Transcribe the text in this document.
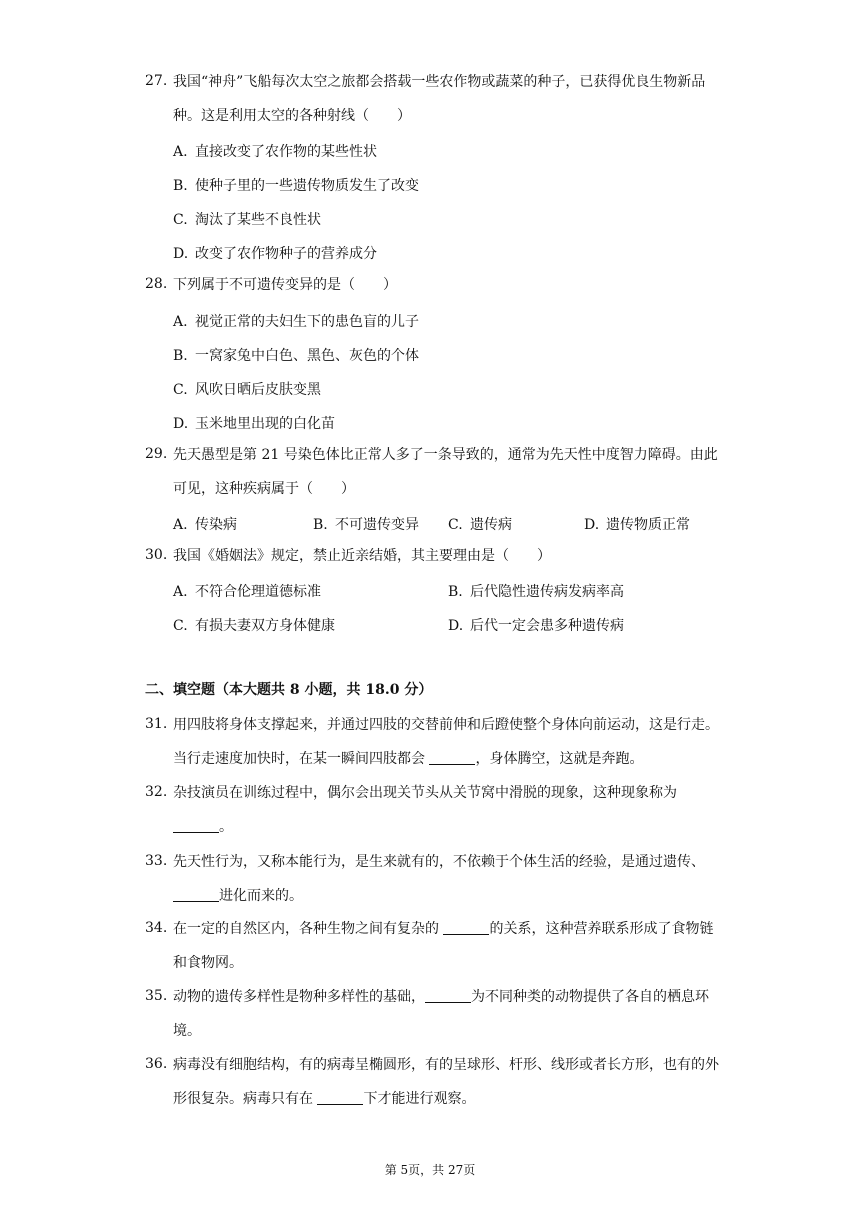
27. 我国“神舟”飞船每次太空之旅都会搭载一些农作物或蔬菜的种子，已获得优良生物新品种。这是利用太空的各种射线（　　）
A. 直接改变了农作物的某些性状
B. 使种子里的一些遗传物质发生了改变
C. 淘汰了某些不良性状
D. 改变了农作物种子的营养成分
28. 下列属于不可遗传变异的是（　　）
A. 视觉正常的夫妇生下的患色盲的儿子
B. 一窝家兔中白色、黑色、灰色的个体
C. 风吹日晒后皮肤变黑
D. 玉米地里出现的白化苗
29. 先天愚型是第 21 号染色体比正常人多了一条导致的，通常为先天性中度智力障碍。由此可见，这种疾病属于（　　）
A. 传染病	B. 不可遗传变异 C. 遗传病	D. 遗传物质正常
30. 我国《婚姻法》规定，禁止近亲结婚，其主要理由是（　　）
A. 不符合伦理道德标准	B. 后代隐性遗传病发病率高
C. 有损夫妻双方身体健康	D. 后代一定会患多种遗传病
二、填空题（本大题共 8 小题，共 18.0 分）
31. 用四肢将身体支撑起来，并通过四肢的交替前伸和后蹬使整个身体向前运动，这是行走。当行走速度加快时，在某一瞬间四肢都会	，身体腾空，这就是奔跑。
32. 杂技演员在训练过程中，偶尔会出现关节头从关节窝中滑脱的现象，这种现象称为
。
33. 先天性行为，又称本能行为，是生来就有的，不依赖于个体生活的经验，是通过遗传、进化而来的。
34. 在一定的自然区内，各种生物之间有复杂的	的关系，这种营养联系形成了食物链和食物网。
35. 动物的遗传多样性是物种多样性的基础，	为不同种类的动物提供了各自的栖息环境。
36. 病毒没有细胞结构，有的病毒呈椭圆形，有的呈球形、杆形、线形或者长方形，也有的外形很复杂。病毒只有在	下才能进行观察。
第 5页，共 27页
